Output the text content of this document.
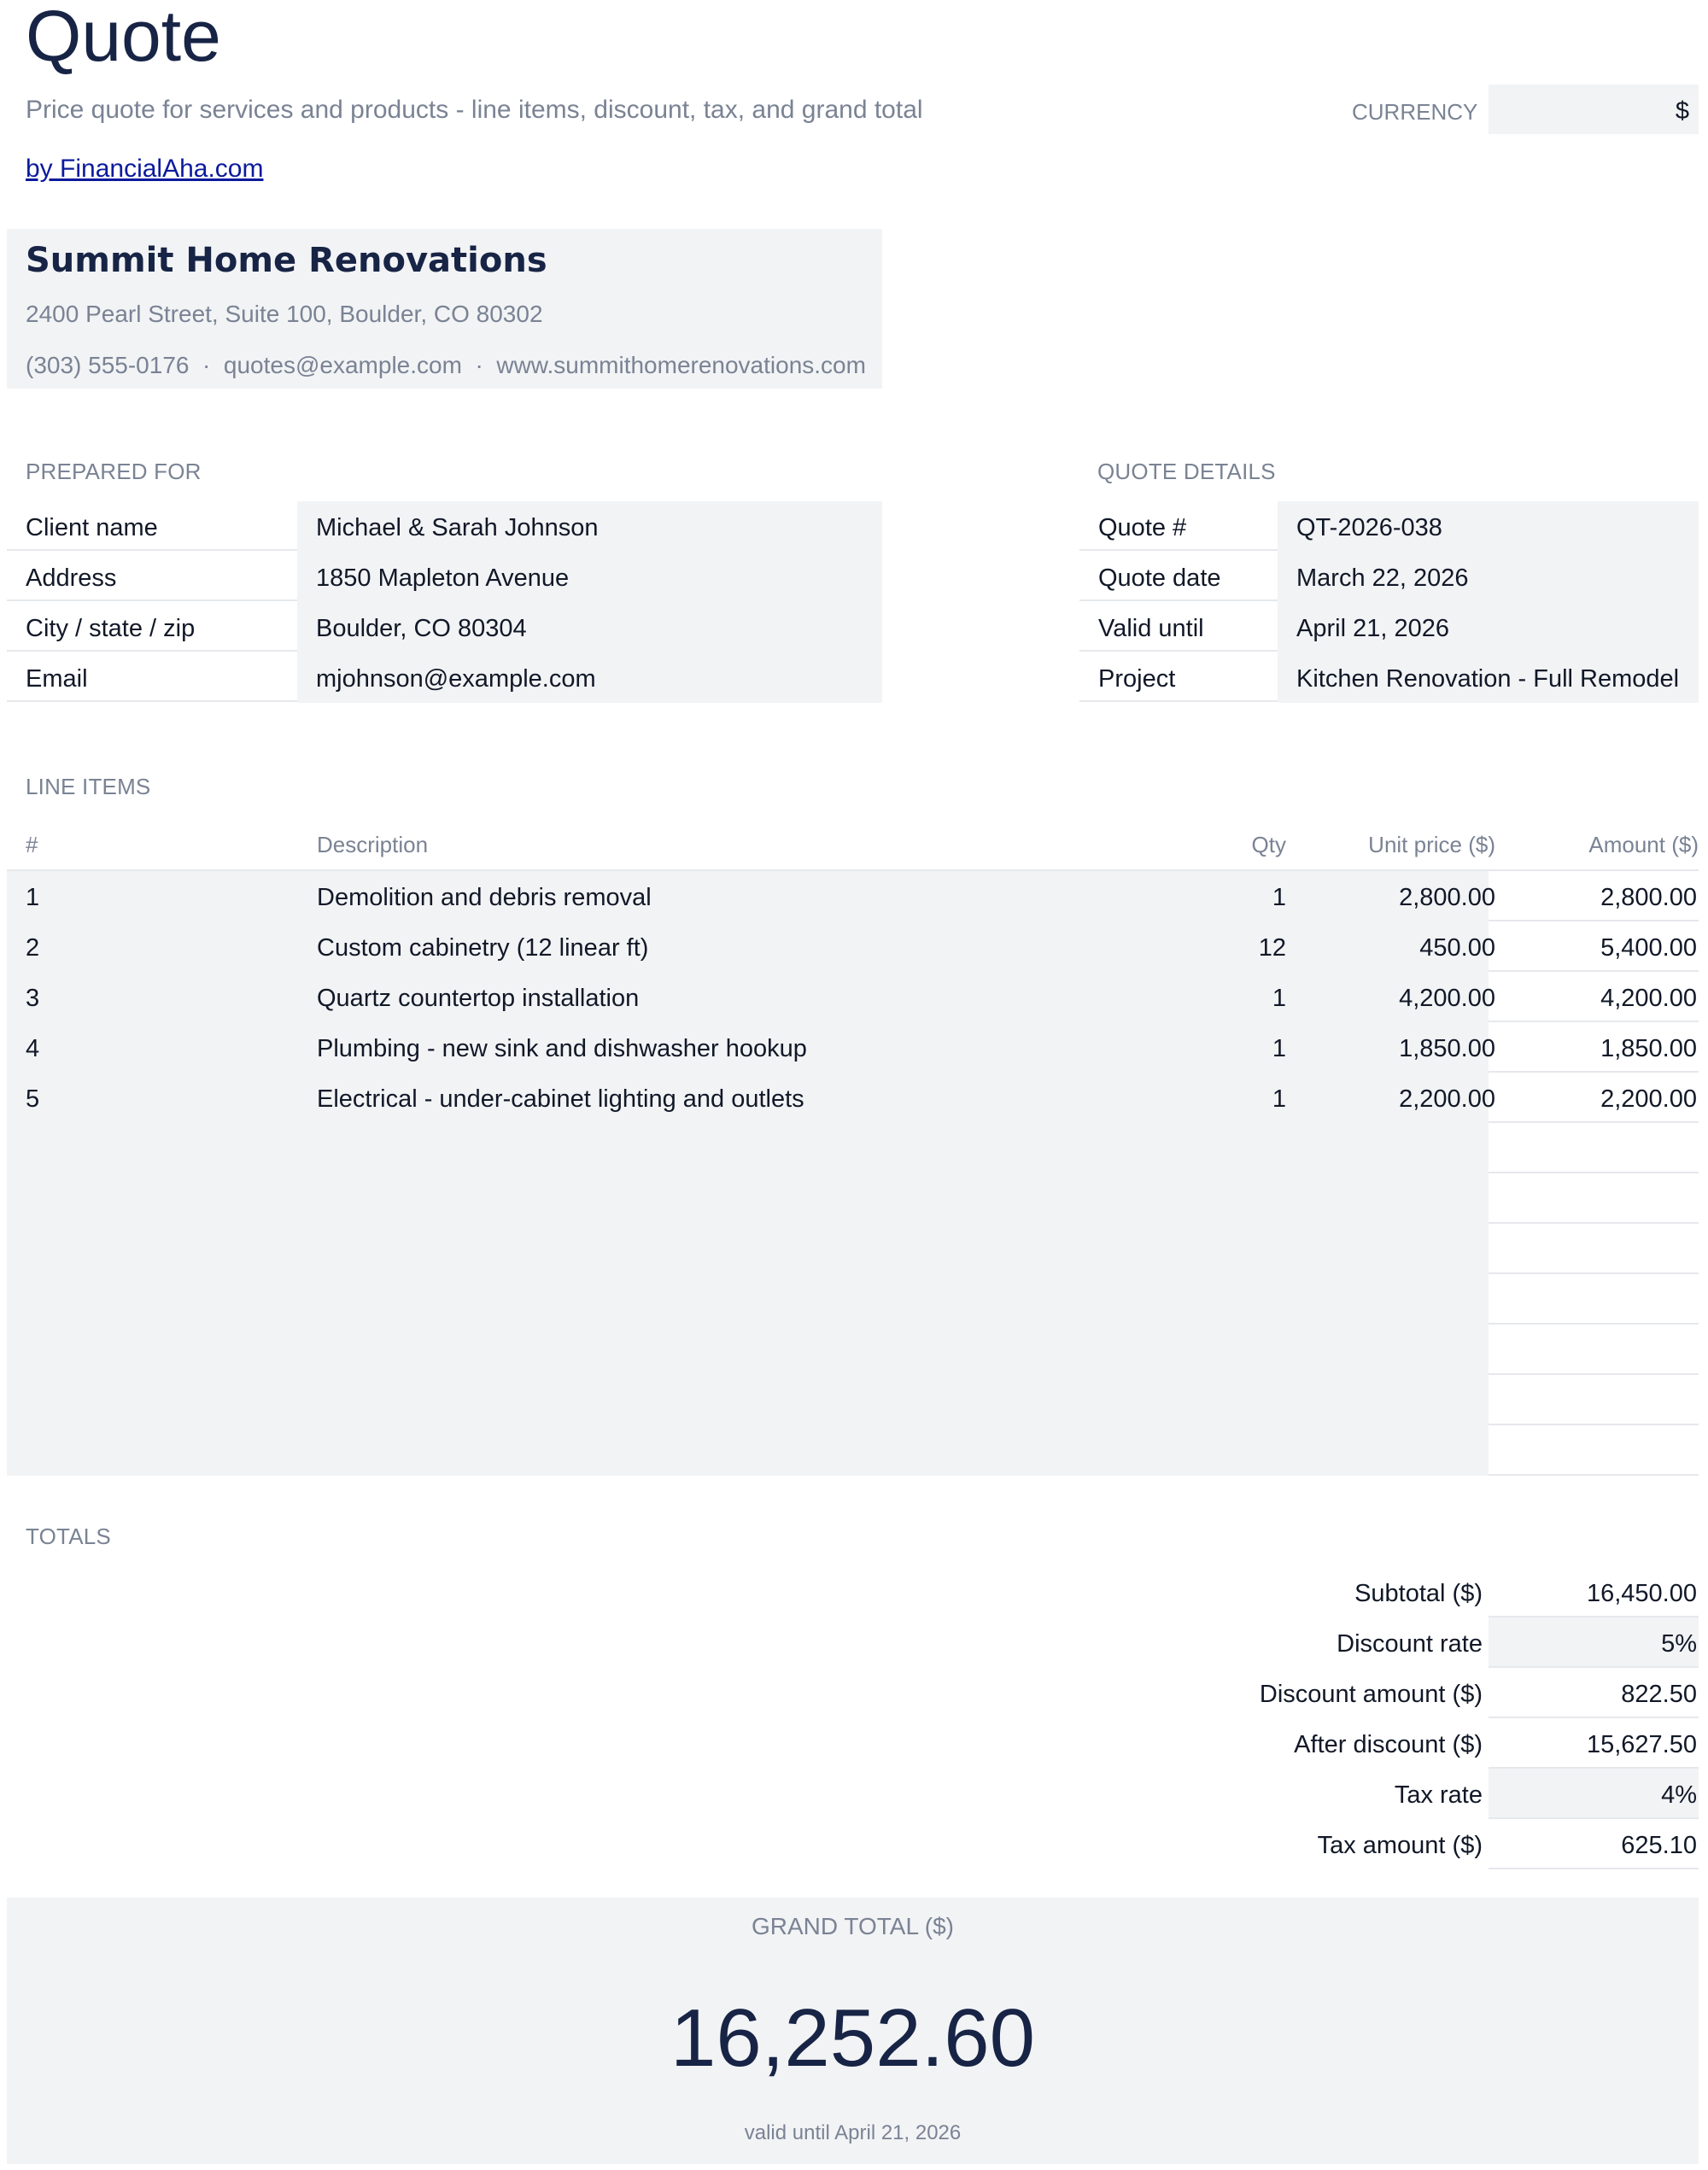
Quote
Price quote for services and products - line items, discount, tax, and grand total
by FinancialAha.com
CURRENCY	$
Summit Home Renovations
2400 Pearl Street, Suite 100, Boulder, CO 80302
(303) 555-0176  ·  quotes@example.com  ·  www.summithomerenovations.com
PREPARED FOR
Client name	Michael & Sarah Johnson
Address	1850 Mapleton Avenue
City / state / zip	Boulder, CO 80304
Email	mjohnson@example.com
QUOTE DETAILS
Quote #	QT-2026-038
Quote date	March 22, 2026
Valid until	April 21, 2026
Project	Kitchen Renovation - Full Remodel
LINE ITEMS
#	Description	Qty	Unit price ($)	Amount ($)
1	Demolition and debris removal	1	2,800.00	2,800.00
2	Custom cabinetry (12 linear ft)	12	450.00	5,400.00
3	Quartz countertop installation	1	4,200.00	4,200.00
4	Plumbing - new sink and dishwasher hookup	1	1,850.00	1,850.00
5	Electrical - under-cabinet lighting and outlets	1	2,200.00	2,200.00
TOTALS
Subtotal ($)	16,450.00
Discount rate	5%
Discount amount ($)	822.50
After discount ($)	15,627.50
Tax rate	4%
Tax amount ($)	625.10
GRAND TOTAL ($)
16,252.60
valid until April 21, 2026
